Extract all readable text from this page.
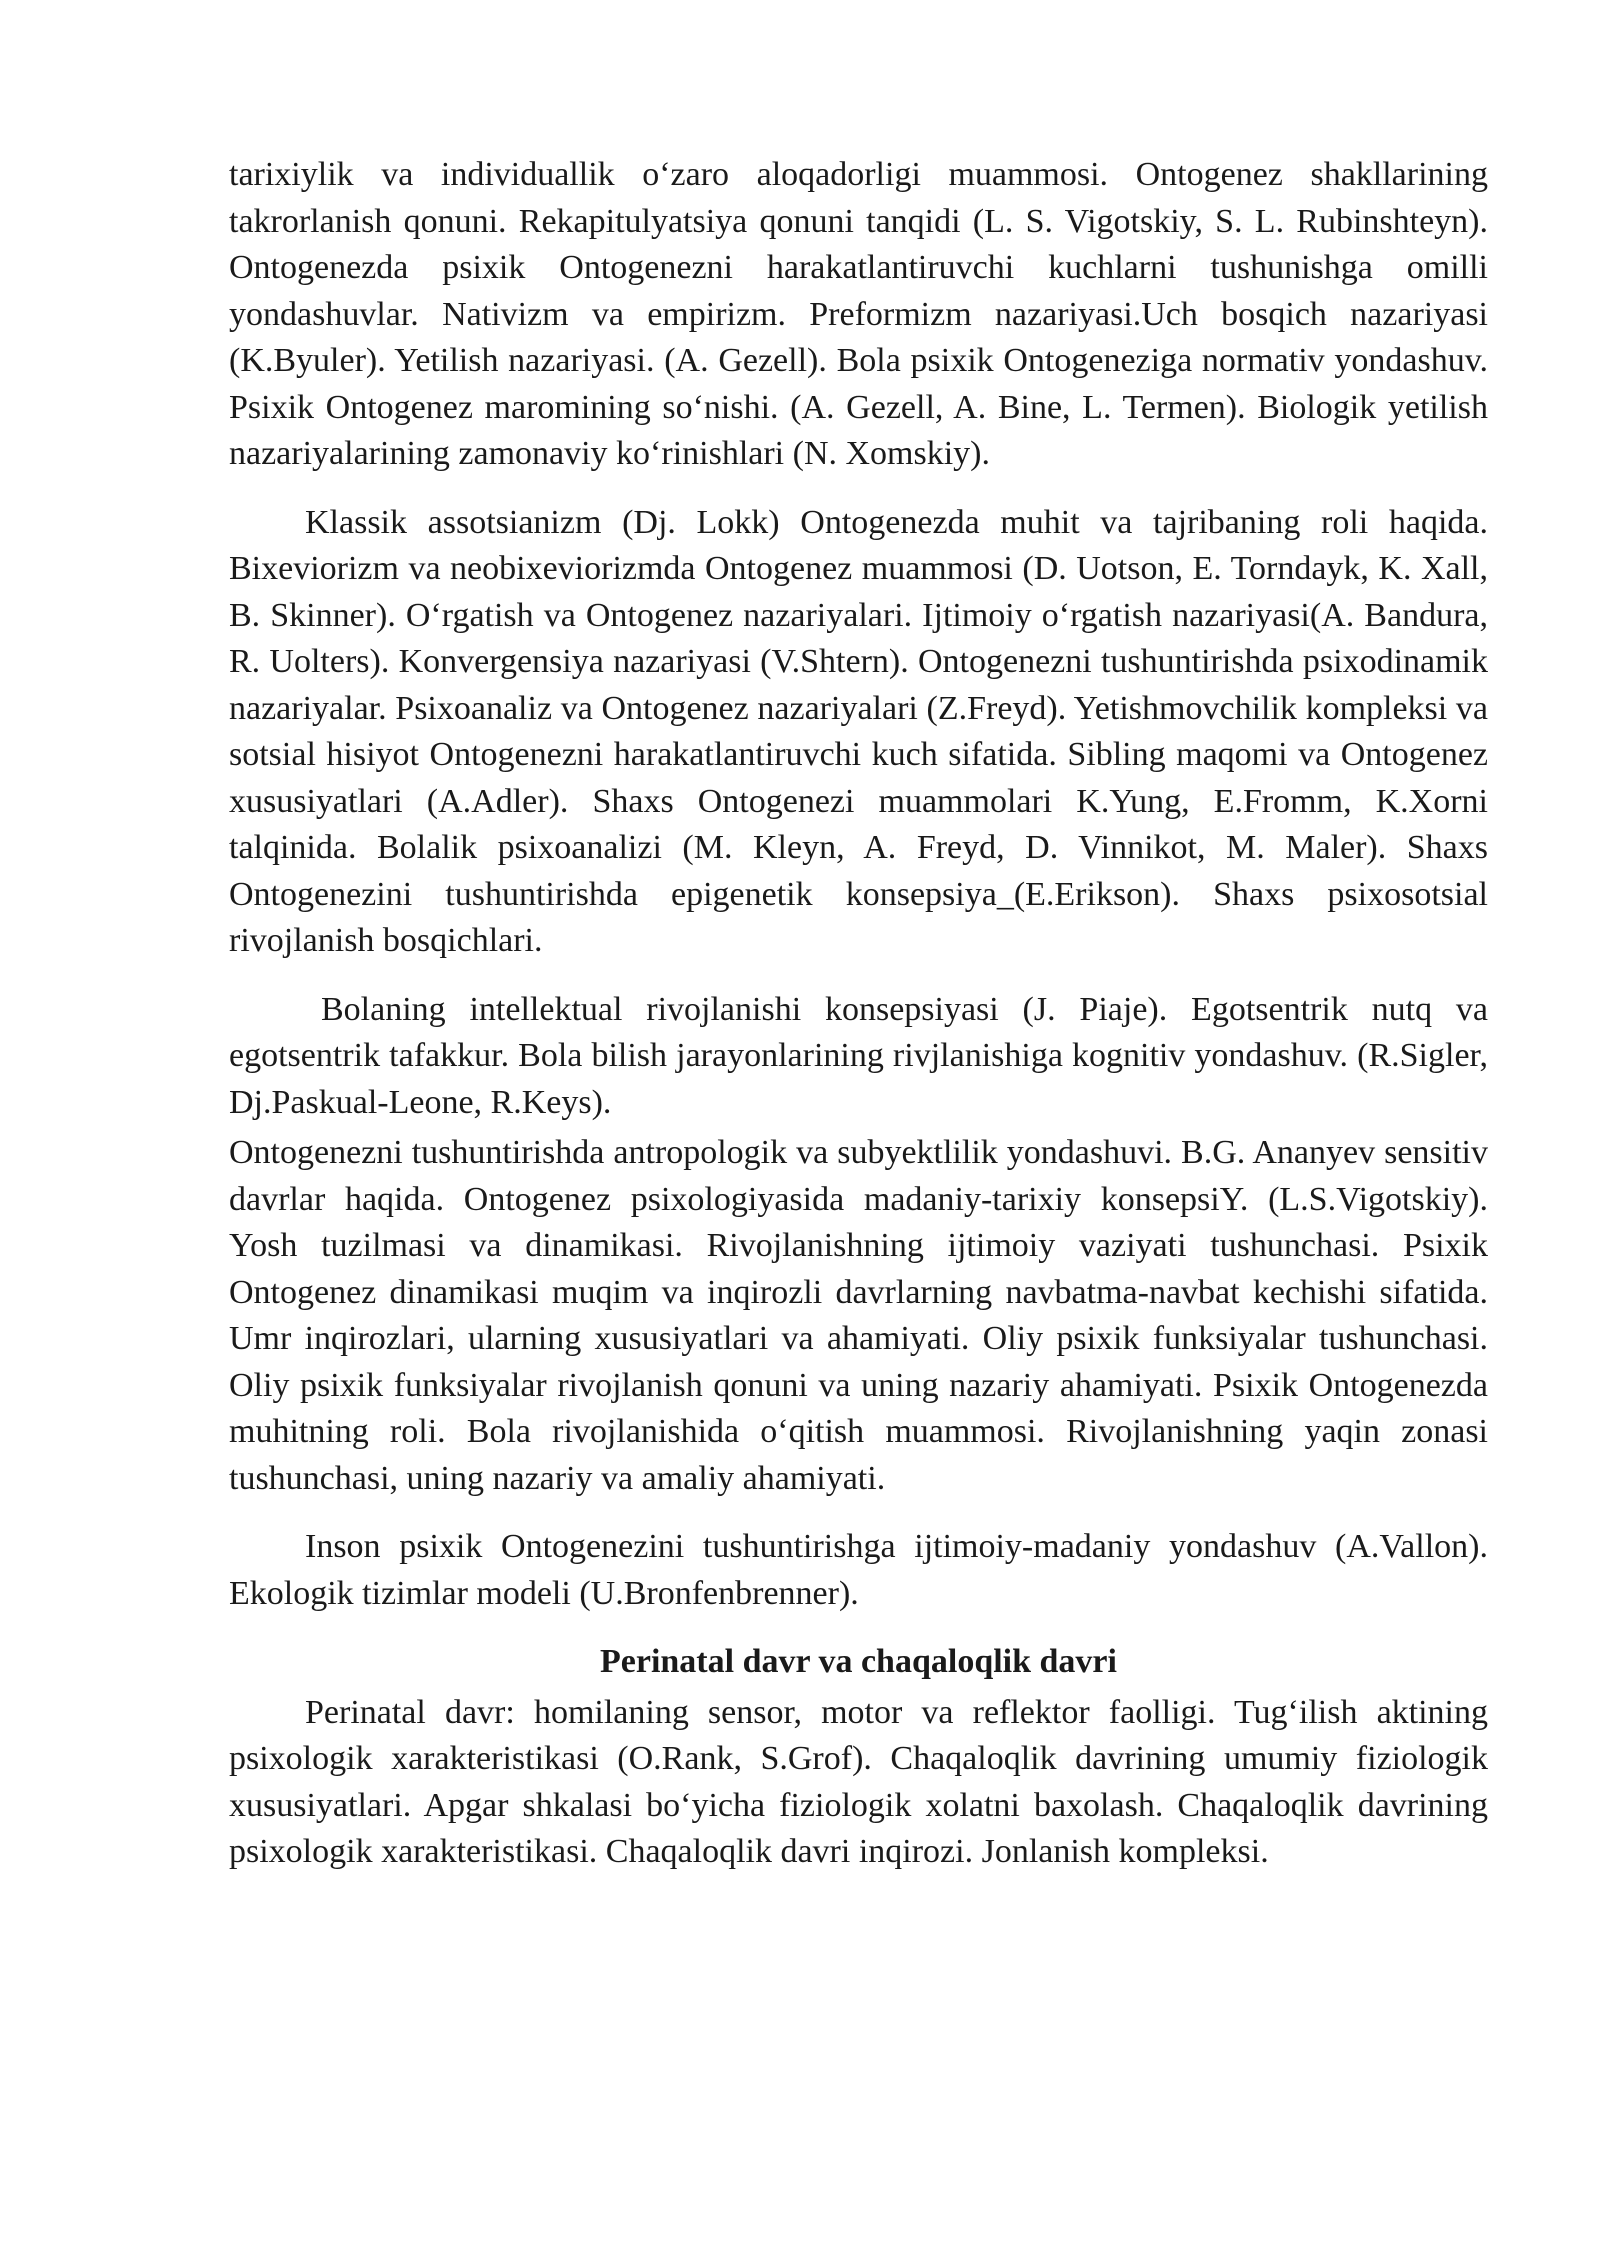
tarixiylik va individuallik o‘zaro aloqadorligi muammosi. Ontogenez shakllarining takrorlanish qonuni. Rekapitulyatsiya qonuni tanqidi (L. S. Vigotskiy, S. L. Rubinshteyn). Ontogenezda psixik Ontogenezni harakatlantiruvchi kuchlarni tushunishga omilli yondashuvlar. Nativizm va empirizm. Preformizm nazariyasi.Uch bosqich nazariyasi (K.Byuler). Yetilish nazariyasi. (A. Gezell). Bola psixik Ontogeneziga normativ yondashuv. Psixik Ontogenez maromining so‘nishi. (A. Gezell, A. Bine, L. Termen). Biologik yetilish nazariyalarining zamonaviy ko‘rinishlari (N. Xomskiy).

Klassik assotsianizm (Dj. Lokk) Ontogenezda muhit va tajribaning roli haqida. Bixeviorizm va neobixeviorizmda Ontogenez muammosi (D. Uotson, E. Torndayk, K. Xall, B. Skinner). O‘rgatish va Ontogenez nazariyalari. Ijtimoiy o‘rgatish nazariyasi(A. Bandura, R. Uolters). Konvergensiya nazariyasi (V.Shtern). Ontogenezni tushuntirishda psixodinamik nazariyalar. Psixoanaliz va Ontogenez nazariyalari (Z.Freyd). Yetishmovchilik kompleksi va sotsial hisiyot Ontogenezni harakatlantiruvchi kuch sifatida. Sibling maqomi va Ontogenez xususiyatlari (A.Adler). Shaxs Ontogenezi muammolari K.Yung, E.Fromm, K.Xorni talqinida. Bolalik psixoanalizi (M. Kleyn, A. Freyd, D. Vinnikot, M. Maler). Shaxs Ontogenezini tushuntirishda epigenetik konsepsiya_(E.Erikson). Shaxs psixosotsial rivojlanish bosqichlari.

Bolaning intellektual rivojlanishi konsepsiyasi (J. Piaje). Egotsentrik nutq va egotsentrik tafakkur. Bola bilish jarayonlarining rivjlanishiga kognitiv yondashuv. (R.Sigler, Dj.Paskual-Leone, R.Keys).

Ontogenezni tushuntirishda antropologik va subyektlilik yondashuvi. B.G. Ananyev sensitiv davrlar haqida. Ontogenez psixologiyasida madaniy-tarixiy konsepsiY. (L.S.Vigotskiy). Yosh tuzilmasi va dinamikasi. Rivojlanishning ijtimoiy vaziyati tushunchasi. Psixik Ontogenez dinamikasi muqim va inqirozli davrlarning navbatma-navbat kechishi sifatida. Umr inqirozlari, ularning xususiyatlari va ahamiyati. Oliy psixik funksiyalar tushunchasi. Oliy psixik funksiyalar rivojlanish qonuni va uning nazariy ahamiyati. Psixik Ontogenezda muhitning roli. Bola rivojlanishida o‘qitish muammosi. Rivojlanishning yaqin zonasi tushunchasi, uning nazariy va amaliy ahamiyati.

Inson psixik Ontogenezini tushuntirishga ijtimoiy-madaniy yondashuv (A.Vallon). Ekologik tizimlar modeli (U.Bronfenbrenner).

Perinatal davr va chaqaloqlik davri

Perinatal davr: homilaning sensor, motor va reflektor faolligi. Tug‘ilish aktining psixologik xarakteristikasi (O.Rank, S.Grof). Chaqaloqlik davrining umumiy fiziologik xususiyatlari. Apgar shkalasi bo‘yicha fiziologik xolatni baxolash. Chaqaloqlik davrining psixologik xarakteristikasi. Chaqaloqlik davri inqirozi. Jonlanish kompleksi.
